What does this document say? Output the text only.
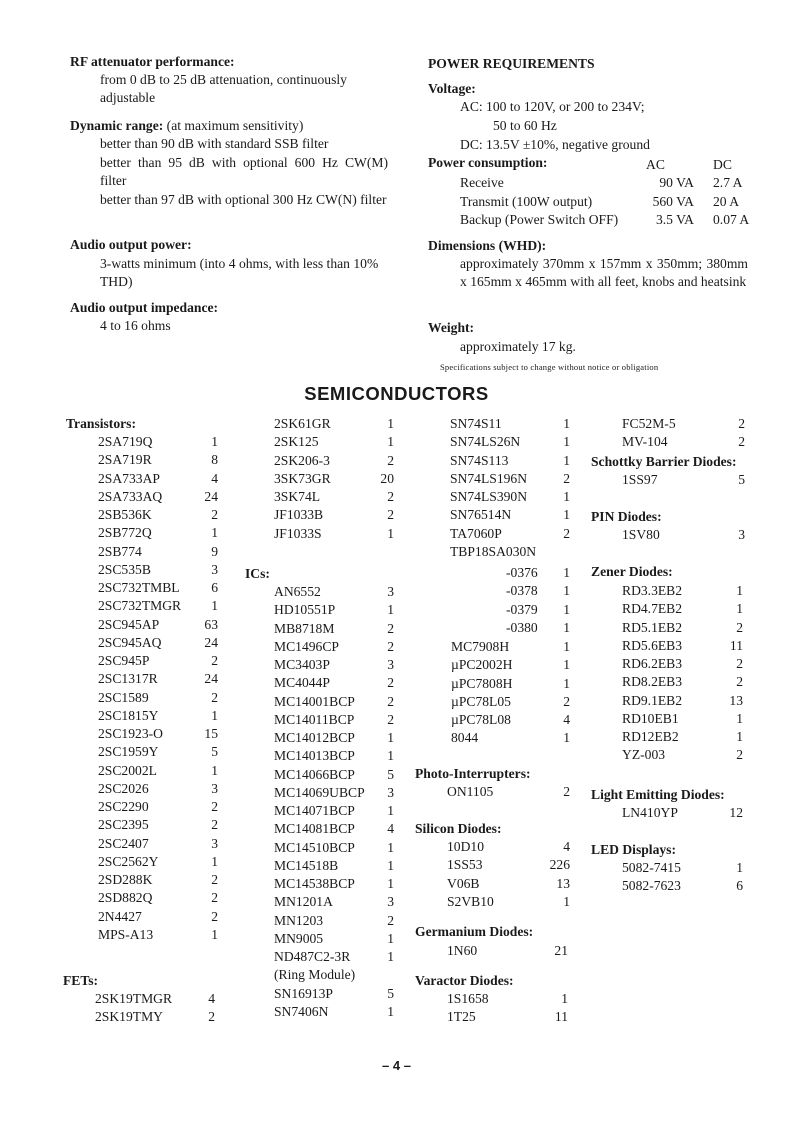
RF attenuator performance:
from 0 dB to 25 dB attenuation, continuously adjustable
Dynamic range: (at maximum sensitivity)
better than 90 dB with standard SSB filter
better than 95 dB with optional 600 Hz CW(M) filter
better than 97 dB with optional 300 Hz CW(N) filter
Audio output power:
3-watts minimum (into 4 ohms, with less than 10% THD)
Audio output impedance:
4 to 16 ohms
POWER REQUIREMENTS
Voltage:
AC: 100 to 120V, or 200 to 234V;
50 to 60 Hz
DC: 13.5V ±10%, negative ground
Power consumption:	AC	DC
Receive	90 VA 2.7 A
Transmit (100W output)	560 VA 20 A
Backup (Power Switch OFF)	3.5 VA 0.07 A
Dimensions (WHD):
approximately 370mm x 157mm x 350mm; 380mm x 165mm x 465mm with all feet, knobs and heatsink
Weight:
approximately 17 kg.
Specifications subject to change without notice or obligation
SEMICONDUCTORS
Transistors:
2SA719Q	1
2SA719R	8
2SA733AP	4
2SA733AQ	24
2SB536K	2
2SB772Q	1
2SB774	9
2SC535B	3
2SC732TMBL	6
2SC732TMGR	1
2SC945AP	63
2SC945AQ	24
2SC945P	2
2SC1317R	24
2SC1589	2
2SC1815Y	1
2SC1923-O	15
2SC1959Y	5
2SC2002L	1
2SC2026	3
2SC2290	2
2SC2395	2
2SC2407	3
2SC2562Y	1
2SD288K	2
2SD882Q	2
2N4427	2
MPS-A13	1
FETs:
2SK19TMGR	4
2SK19TMY	2
2SK61GR	1
2SK125	1
2SK206-3	2
3SK73GR	20
3SK74L	2
JF1033B	2
JF1033S	1
ICs:
AN6552	3
HD10551P	1
MB8718M	2
MC1496CP	2
MC3403P	3
MC4044P	2
MC14001BCP	2
MC14011BCP	2
MC14012BCP	1
MC14013BCP	1
MC14066BCP	5
MC14069UBCP	3
MC14071BCP	1
MC14081BCP	4
MC14510BCP	1
MC14518B	1
MC14538BCP	1
MN1201A	3
MN1203	2
MN9005	1
ND487C2-3R	1
(Ring Module)
SN16913P	5
SN7406N	1
SN74S11	1
SN74LS26N	1
SN74S113	1
SN74LS196N	2
SN74LS390N	1
SN76514N	1
TA7060P	2
TBP18SA030N
-0376	1
-0378	1
-0379	1
-0380	1
MC7908H	1
µPC2002H	1
µPC7808H	1
µPC78L05	2
µPC78L08	4
8044	1
Photo-Interrupters:
ON1105	2
Silicon Diodes:
10D10	4
1SS53	226
V06B	13
S2VB10	1
Germanium Diodes:
1N60	21
Varactor Diodes:
1S1658	1
1T25	11
FC52M-5	2
MV-104	2
Schottky Barrier Diodes:
1SS97	5
PIN Diodes:
1SV80	3
Zener Diodes:
RD3.3EB2	1
RD4.7EB2	1
RD5.1EB2	2
RD5.6EB3	11
RD6.2EB3	2
RD8.2EB3	2
RD9.1EB2	13
RD10EB1	1
RD12EB2	1
YZ-003	2
Light Emitting Diodes:
LN410YP	12
LED Displays:
5082-7415	1
5082-7623	6
– 4 –
